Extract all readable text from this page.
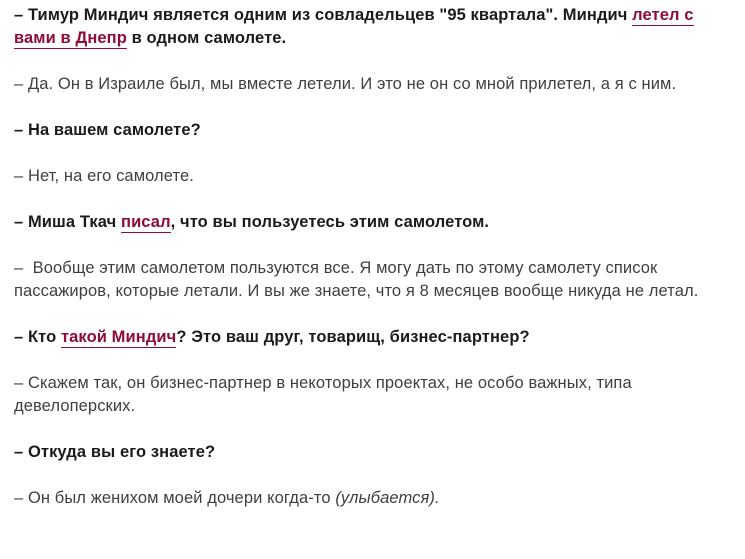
– Тимур Миндич является одним из совладельцев "95 квартала". Миндич летел с вами в Днепр в одном самолете.

– Да. Он в Израиле был, мы вместе летели. И это не он со мной прилетел, а я с ним.

– На вашем самолете?

– Нет, на его самолете.

– Миша Ткач писал, что вы пользуетесь этим самолетом.

–  Вообще этим самолетом пользуются все. Я могу дать по этому самолету список пассажиров, которые летали. И вы же знаете, что я 8 месяцев вообще никуда не летал.

– Кто такой Миндич? Это ваш друг, товарищ, бизнес-партнер?

– Скажем так, он бизнес-партнер в некоторых проектах, не особо важных, типа девелоперских.

– Откуда вы его знаете?

– Он был женихом моей дочери когда-то (улыбается).
